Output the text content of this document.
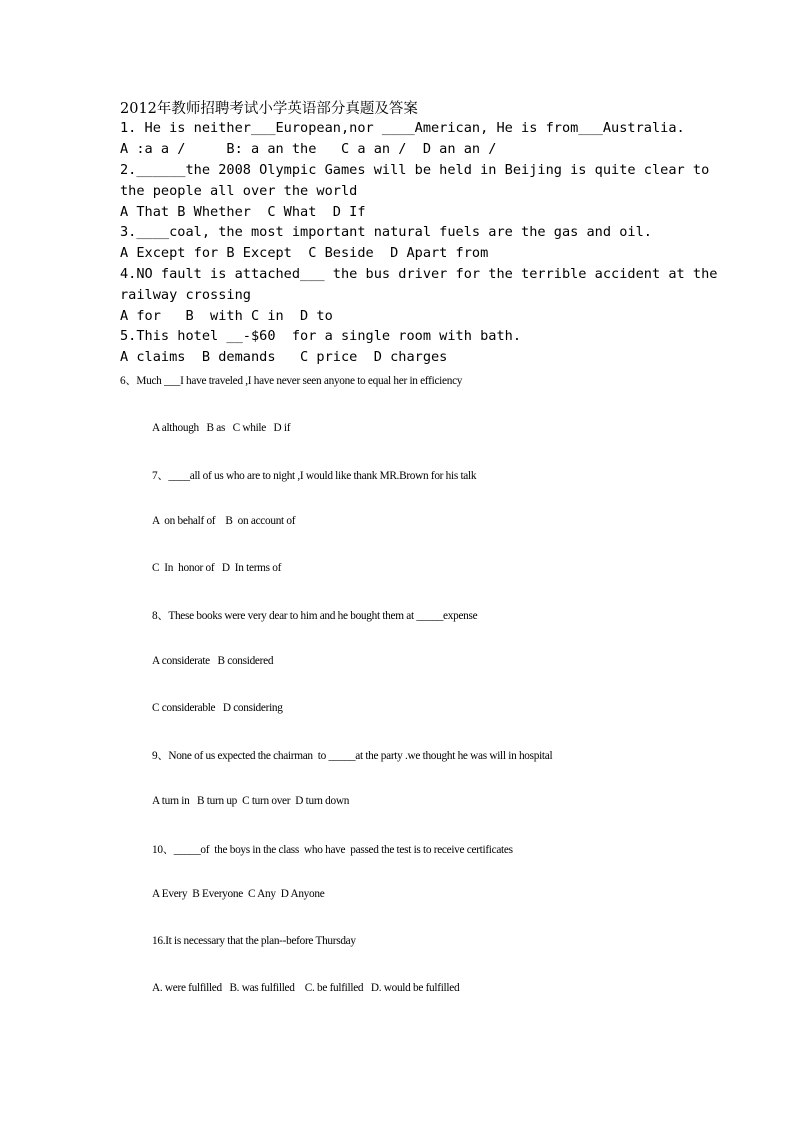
2012年教师招聘考试小学英语部分真题及答案
1. He is neither___European,nor ____American, He is from___Australia.
A :a a /     B: a an the   C a an /  D an an /
2.______the 2008 Olympic Games will be held in Beijing is quite clear to
the people all over the world
A That B Whether  C What  D If
3.____coal, the most important natural fuels are the gas and oil.
A Except for B Except  C Beside  D Apart from
4.NO fault is attached___ the bus driver for the terrible accident at the
railway crossing
A for   B  with C in  D to
5.This hotel __-$60  for a single room with bath.
A claims  B demands   C price  D charges
6、Much ___I have traveled ,I have never seen anyone to equal her in efficiency
A although   B as   C while   D if
7、____all of us who are to night ,I would like thank MR.Brown for his talk
A  on behalf of    B  on account of
C  In  honor of   D  In terms of
8、These books were very dear to him and he bought them at _____expense
A considerate   B considered
C considerable   D considering
9、None of us expected the chairman  to _____at the party .we thought he was will in hospital
A turn in   B turn up  C turn over  D turn down
10、_____of  the boys in the class  who have  passed the test is to receive certificates
A Every  B Everyone  C Any  D Anyone
16.It is necessary that the plan--before Thursday
A. were fulfilled   B. was fulfilled    C. be fulfilled   D. would be fulfilled
